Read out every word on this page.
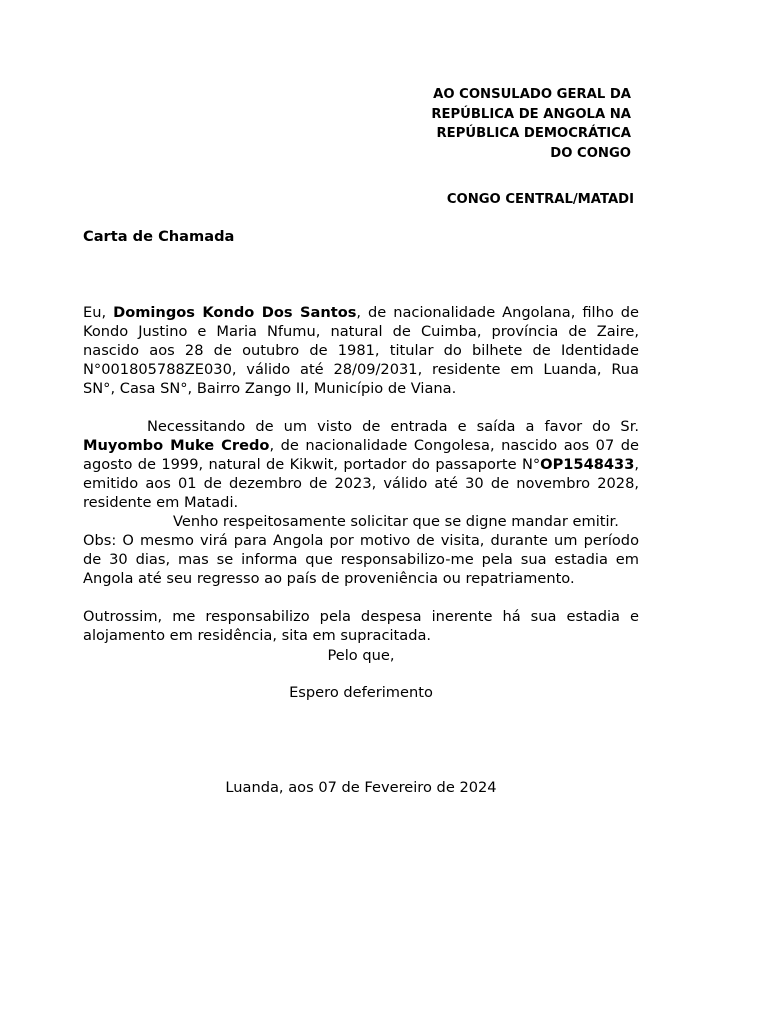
AO CONSULADO GERAL DA
REPÚBLICA DE ANGOLA NA
REPÚBLICA DEMOCRÁTICA
DO CONGO
CONGO CENTRAL/MATADI
Carta de Chamada

Eu, Domingos Kondo Dos Santos, de nacionalidade Angolana, filho de Kondo Justino e Maria Nfumu, natural de Cuimba, província de Zaire, nascido aos 28 de outubro de 1981, titular do bilhete de Identidade N°001805788ZE030, válido até 28/09/2031, residente em Luanda, Rua SN°, Casa SN°, Bairro Zango II, Município de Viana.

Necessitando de um visto de entrada e saída a favor do Sr. Muyombo Muke Credo, de nacionalidade Congolesa, nascido aos 07 de agosto de 1999, natural de Kikwit, portador do passaporte N°OP1548433, emitido aos 01 de dezembro de 2023, válido até 30 de novembro 2028, residente em Matadi.

Venho respeitosamente solicitar que se digne mandar emitir.

Obs: O mesmo virá para Angola por motivo de visita, durante um período de 30 dias, mas se informa que responsabilizo-me pela sua estadia em Angola até seu regresso ao país de proveniência ou repatriamento.

Outrossim, me responsabilizo pela despesa inerente há sua estadia e alojamento em residência, sita em supracitada.

Pelo que,
Espero deferimento
Luanda, aos 07 de Fevereiro de 2024
